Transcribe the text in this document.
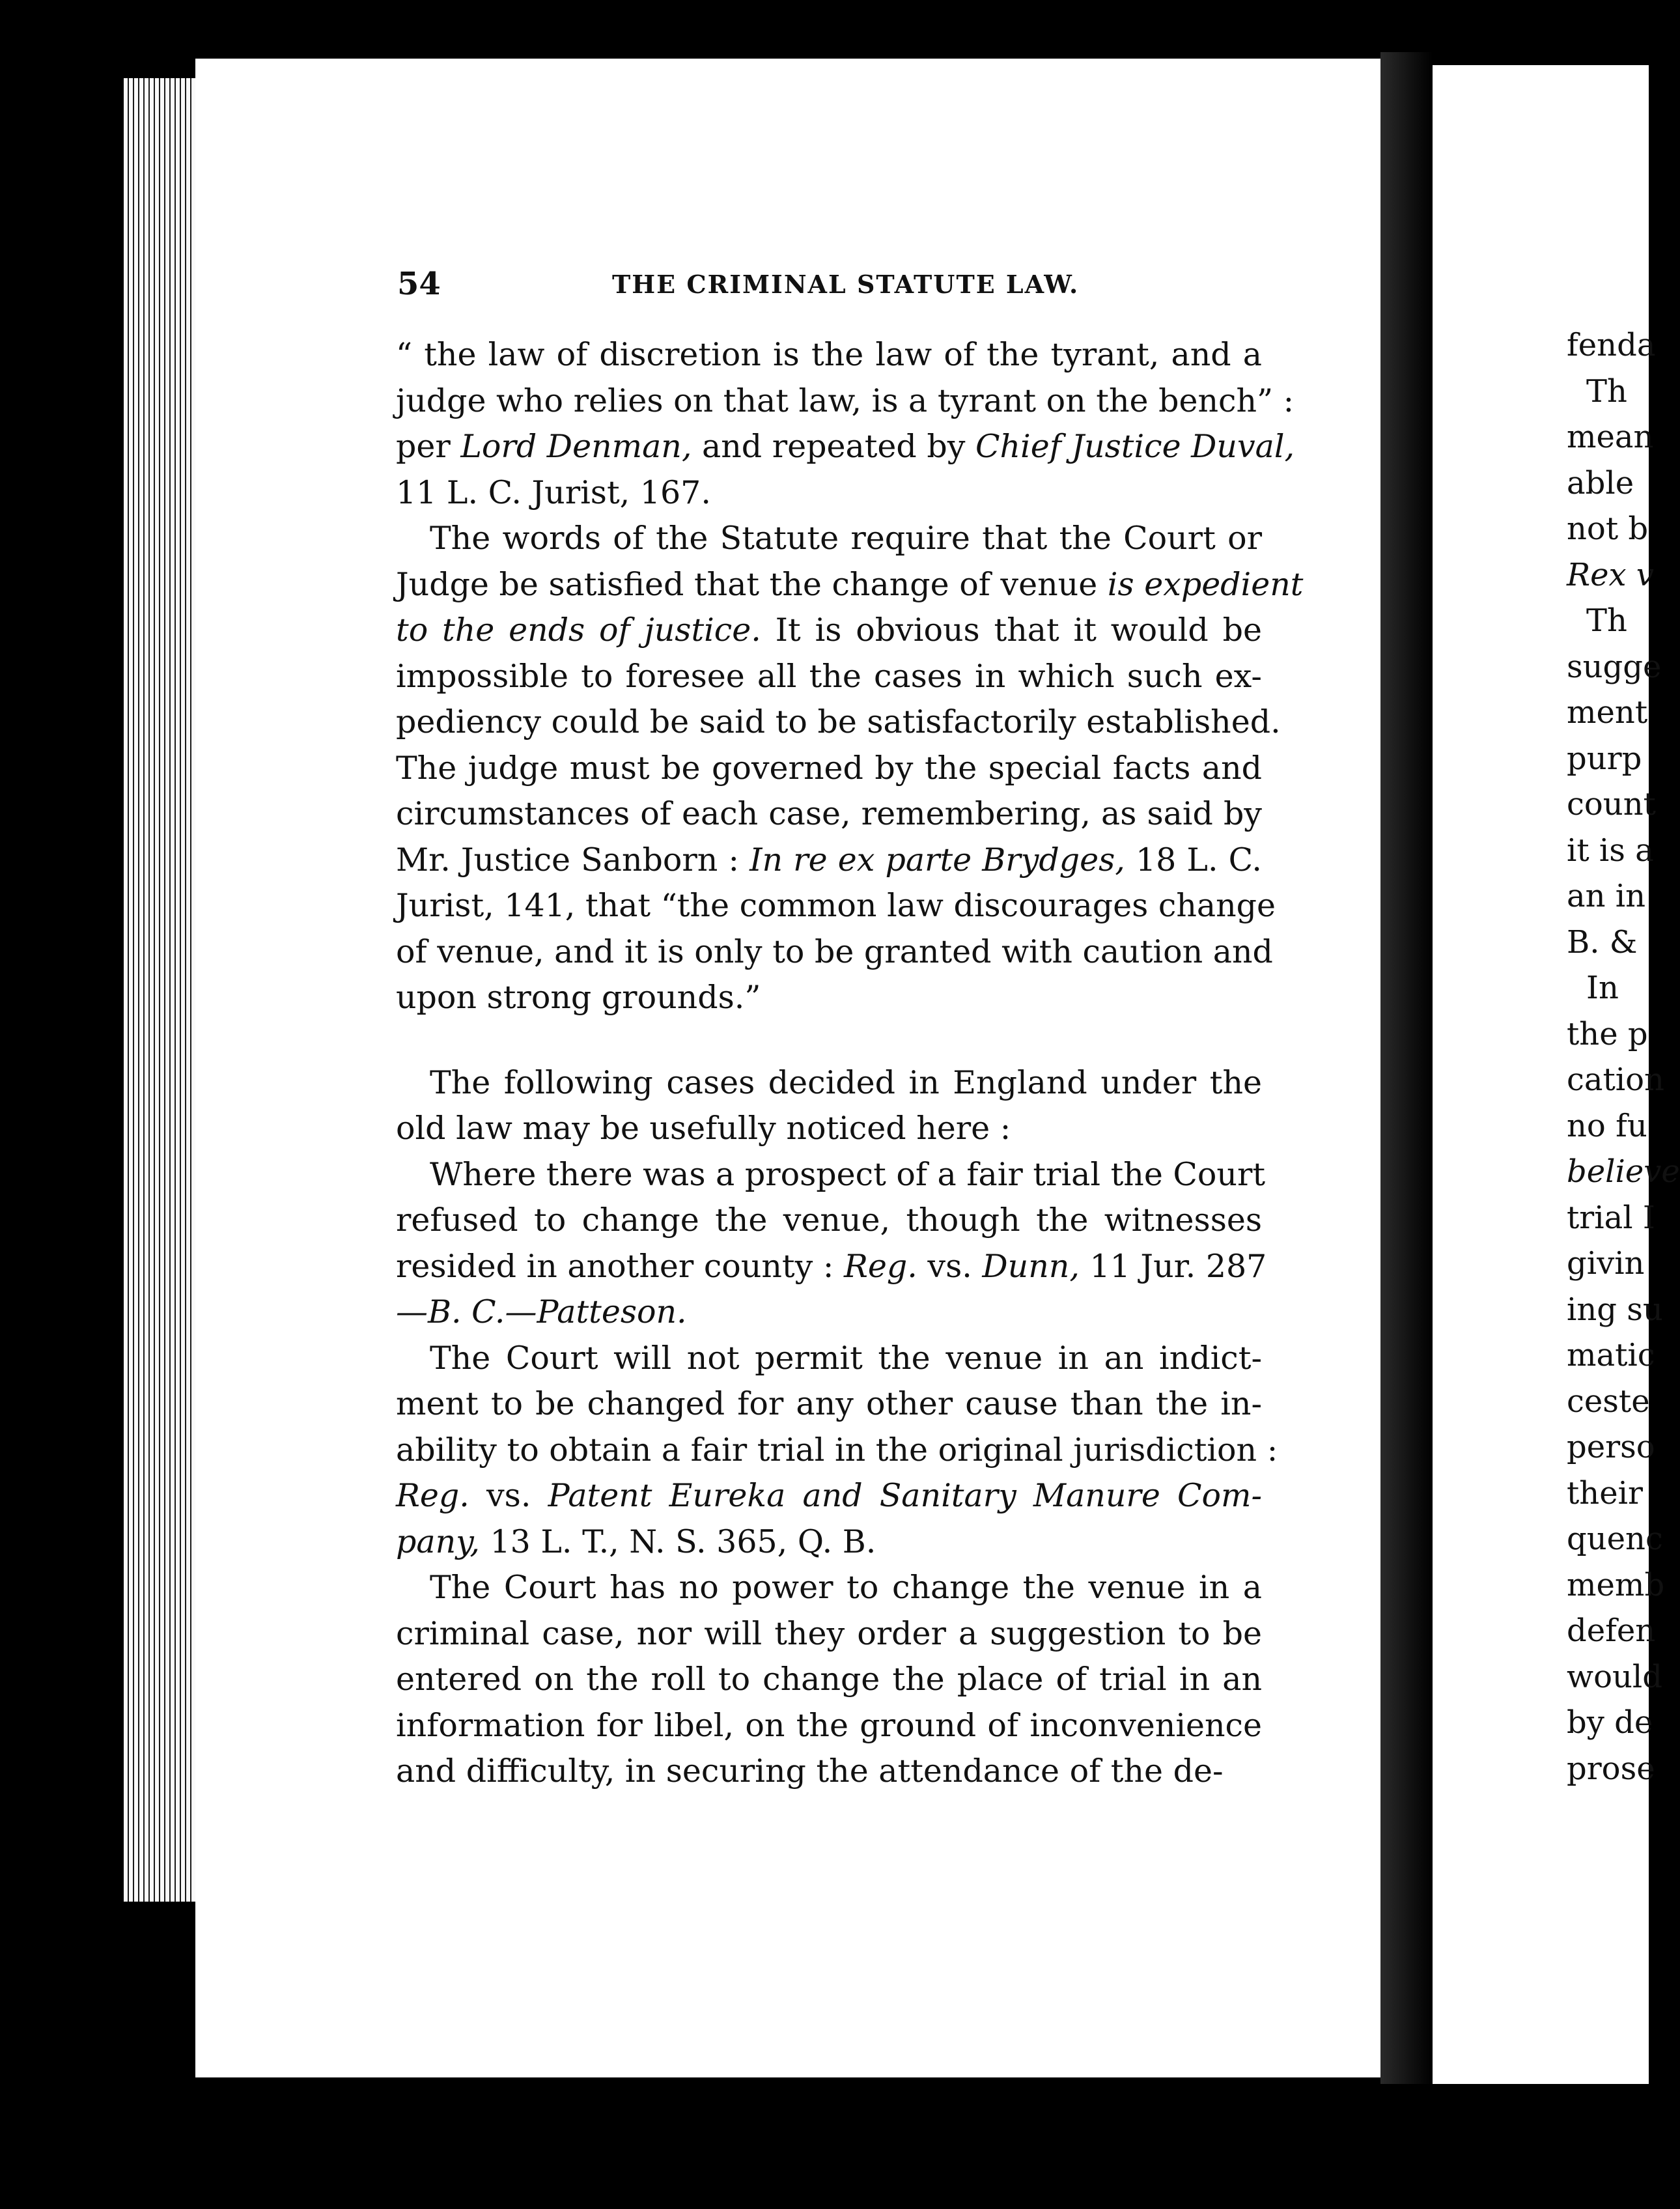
54	THE CRIMINAL STATUTE LAW.
“ the law of discretion is the law of the tyrant, and a
judge who relies on that law, is a tyrant on the bench” :
per Lord Denman, and repeated by Chief Justice Duval,
11 L. C. Jurist, 167.
The words of the Statute require that the Court or
Judge be satisfied that the change of venue is expedient
to the ends of justice. It is obvious that it would be
impossible to foresee all the cases in which such ex-
pediency could be said to be satisfactorily established.
The judge must be governed by the special facts and
circumstances of each case, remembering, as said by
Mr. Justice Sanborn : In re ex parte Brydges, 18 L. C.
Jurist, 141, that “the common law discourages change
of venue, and it is only to be granted with caution and
upon strong grounds.”
The following cases decided in England under the
old law may be usefully noticed here :
Where there was a prospect of a fair trial the Court
refused to change the venue, though the witnesses
resided in another county : Reg. vs. Dunn, 11 Jur. 287
—B. C.—Patteson.
The Court will not permit the venue in an indict-
ment to be changed for any other cause than the in-
ability to obtain a fair trial in the original jurisdiction :
Reg. vs. Patent Eureka and Sanitary Manure Com-
pany, 13 L. T., N. S. 365, Q. B.
The Court has no power to change the venue in a
criminal case, nor will they order a suggestion to be
entered on the roll to change the place of trial in an
information for libel, on the ground of inconvenience
and difficulty, in securing the attendance of the de-
fenda
Th
mean
able
not b
Rex v
Th
sugge
ment
purp
count
it is a
an in
B. &
In
the p
cation
no fu
believe
trial I
givin
ing su
matic
ceste
perso
their
quenc
memb
defen
would
by de
prose
